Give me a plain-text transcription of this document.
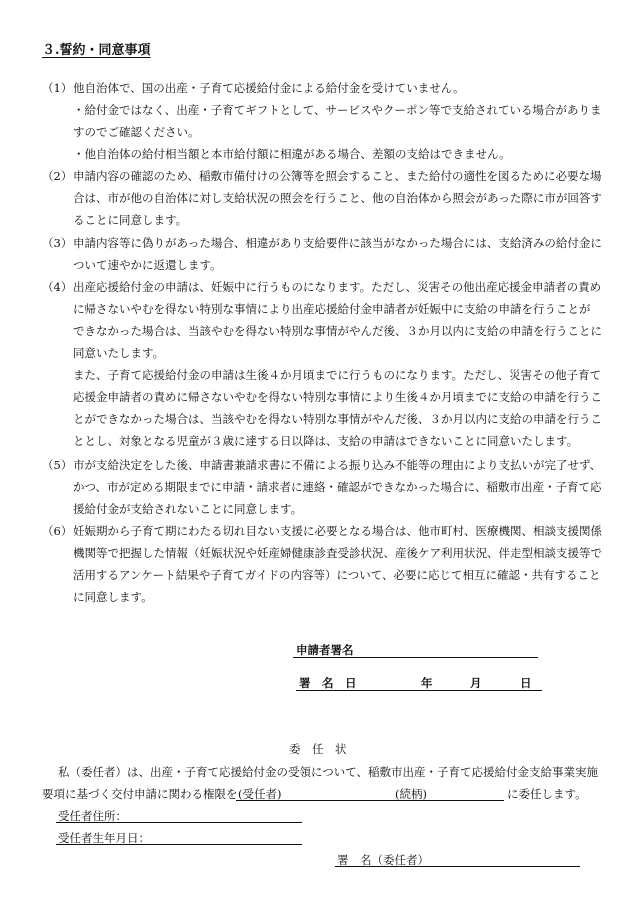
３.誓約・同意事項
（1） 他自治体で、国の出産・子育て応援給付金による給付金を受けていません。
・給付金ではなく、出産・子育てギフトとして、サービスやクーポン等で支給されている場合がありま
すのでご確認ください。
・他自治体の給付相当額と本市給付額に相違がある場合、差額の支給はできません。
（2） 申請内容の確認のため、稲敷市備付けの公簿等を照会すること、また給付の適性を図るために必要な場
合は、市が他の自治体に対し支給状況の照会を行うこと、他の自治体から照会があった際に市が回答す
ることに同意します。
（3） 申請内容等に偽りがあった場合、相違があり支給要件に該当がなかった場合には、支給済みの給付金に
ついて速やかに返還します。
（4） 出産応援給付金の申請は、妊娠中に行うものになります。ただし、災害その他出産応援金申請者の責め
に帰さないやむを得ない特別な事情により出産応援給付金申請者が妊娠中に支給の申請を行うことが
できなかった場合は、当該やむを得ない特別な事情がやんだ後、３か月以内に支給の申請を行うことに
同意いたします。
また、子育て応援給付金の申請は生後４か月頃までに行うものになります。ただし、災害その他子育て
応援金申請者の責めに帰さないやむを得ない特別な事情により生後４か月頃までに支給の申請を行うこ
とができなかった場合は、当該やむを得ない特別な事情がやんだ後、３か月以内に支給の申請を行うこ
ととし、対象となる児童が３歳に達する日以降は、支給の申請はできないことに同意いたします。
（5） 市が支給決定をした後、申請書兼請求書に不備による振り込み不能等の理由により支払いが完了せず、
かつ、市が定める期限までに申請・請求者に連絡・確認ができなかった場合に、稲敷市出産・子育て応
援給付金が支給されないことに同意します。
（6） 妊娠期から子育て期にわたる切れ目ない支援に必要となる場合は、他市町村、医療機関、相談支援関係
機関等で把握した情報（妊娠状況や妊産婦健康診査受診状況、産後ケア利用状況、伴走型相談支援等で
活用するアンケート結果や子育てガイドの内容等）について、必要に応じて相互に確認・共有すること
に同意します。
申請者署名
署　名　日	年	月	日
委　任　状
私（委任者）は、出産・子育て応援給付金の受領について、稲敷市出産・子育て応援給付金支給事業実施
要項に基づく交付申請に関わる権限を (受任者)	(続柄)	に委任します。
受任者住所：
受任者生年月日：
署　名（委任者）
